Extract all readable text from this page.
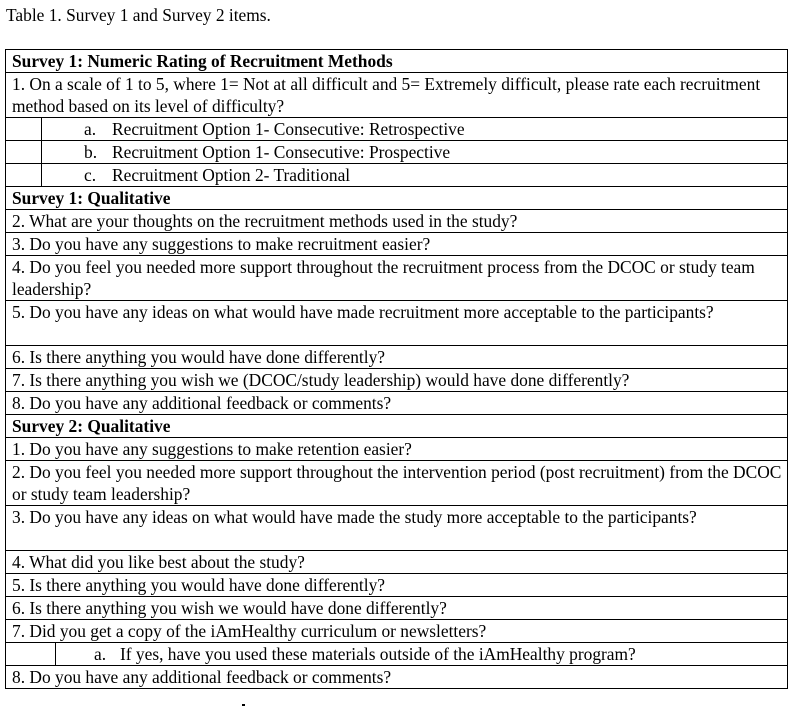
Table 1. Survey 1 and Survey 2 items.
Survey 1: Numeric Rating of Recruitment Methods		
1. On a scale of 1 to 5, where 1= Not at all difficult and 5= Extremely difficult, please rate each recruitment method based on its level of difficulty?		
	a. Recruitment Option 1- Consecutive: Retrospective	
	b. Recruitment Option 1- Consecutive: Prospective	
	c. Recruitment Option 2- Traditional	
Survey 1: Qualitative		
2. What are your thoughts on the recruitment methods used in the study?		
3. Do you have any suggestions to make recruitment easier?		
4. Do you feel you needed more support throughout the recruitment process from the DCOC or study team leadership?		
5. Do you have any ideas on what would have made recruitment more acceptable to the participants?		
6. Is there anything you would have done differently?		
7. Is there anything you wish we (DCOC/study leadership) would have done differently?		
8. Do you have any additional feedback or comments?		
Survey 2: Qualitative		
1. Do you have any suggestions to make retention easier?		
2. Do you feel you needed more support throughout the intervention period (post recruitment) from the DCOC or study team leadership?		
3. Do you have any ideas on what would have made the study more acceptable to the participants?		
4. What did you like best about the study?		
5. Is there anything you would have done differently?		
6. Is there anything you wish we would have done differently?		
7. Did you get a copy of the iAmHealthy curriculum or newsletters?		
		a. If yes, have you used these materials outside of the iAmHealthy program?
8. Do you have any additional feedback or comments?		
